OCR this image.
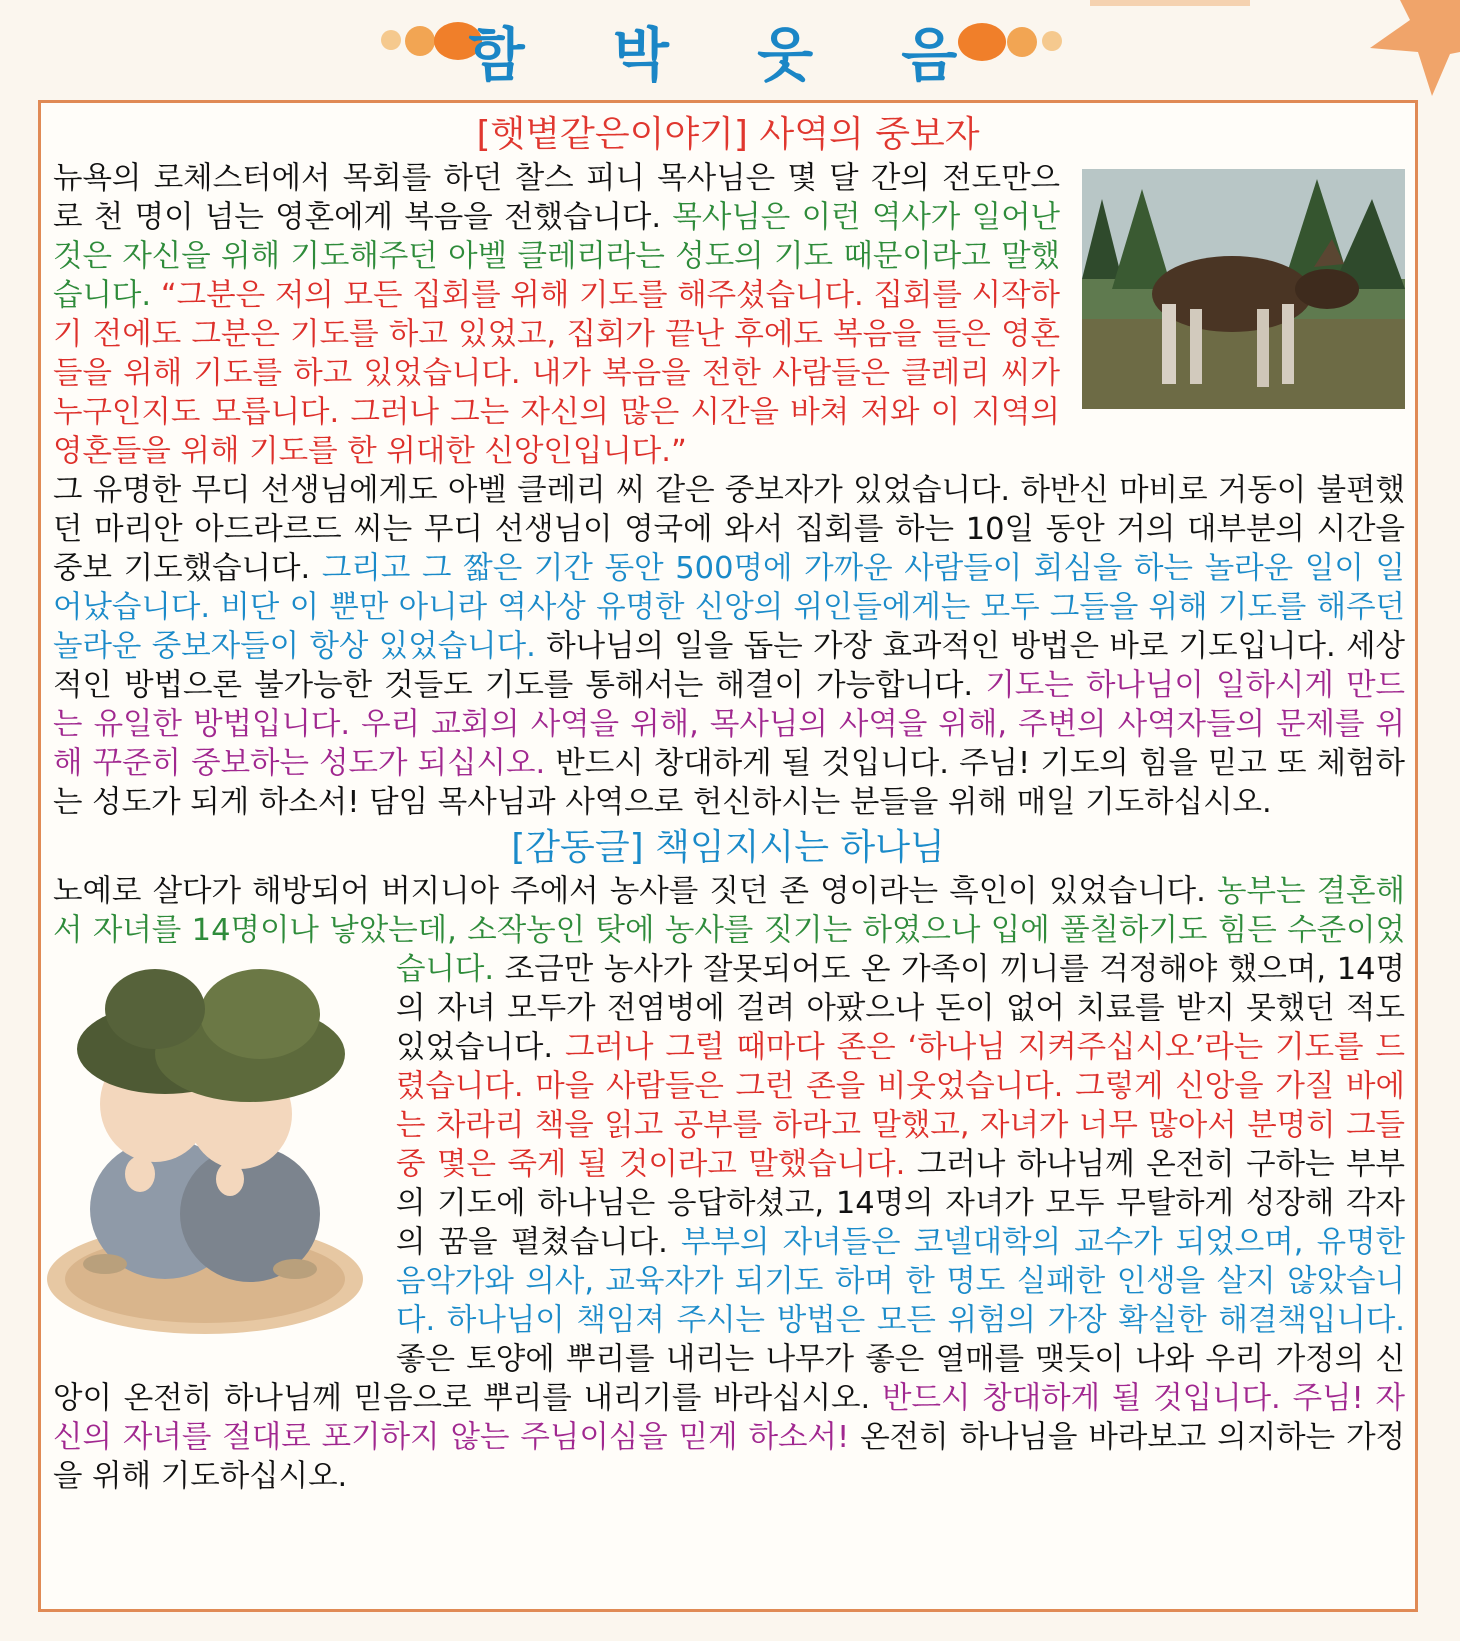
함 박 웃 음
[햇볕같은이야기] 사역의 중보자

뉴욕의 로체스터에서 목회를 하던 찰스 피니 목사님은 몇 달 간의 전도만으로 천 명이 넘는 영혼에게 복음을 전했습니다. 목사님은 이런 역사가 일어난 것은 자신을 위해 기도해주던 아벨 클레리라는 성도의 기도 때문이라고 말했습니다. “그분은 저의 모든 집회를 위해 기도를 해주셨습니다. 집회를 시작하기 전에도 그분은 기도를 하고 있었고, 집회가 끝난 후에도 복음을 들은 영혼들을 위해 기도를 하고 있었습니다. 내가 복음을 전한 사람들은 클레리 씨가 누구인지도 모릅니다. 그러나 그는 자신의 많은 시간을 바쳐 저와 이 지역의 영혼들을 위해 기도를 한 위대한 신앙인입니다.”

그 유명한 무디 선생님에게도 아벨 클레리 씨 같은 중보자가 있었습니다. 하반신 마비로 거동이 불편했던 마리안 아드라르드 씨는 무디 선생님이 영국에 와서 집회를 하는 10일 동안 거의 대부분의 시간을 중보 기도했습니다. 그리고 그 짧은 기간 동안 500명에 가까운 사람들이 회심을 하는 놀라운 일이 일어났습니다. 비단 이 뿐만 아니라 역사상 유명한 신앙의 위인들에게는 모두 그들을 위해 기도를 해주던 놀라운 중보자들이 항상 있었습니다. 하나님의 일을 돕는 가장 효과적인 방법은 바로 기도입니다. 세상적인 방법으론 불가능한 것들도 기도를 통해서는 해결이 가능합니다. 기도는 하나님이 일하시게 만드는 유일한 방법입니다. 우리 교회의 사역을 위해, 목사님의 사역을 위해, 주변의 사역자들의 문제를 위해 꾸준히 중보하는 성도가 되십시오. 반드시 창대하게 될 것입니다. 주님! 기도의 힘을 믿고 또 체험하는 성도가 되게 하소서! 담임 목사님과 사역으로 헌신하시는 분들을 위해 매일 기도하십시오.

[감동글] 책임지시는 하나님

노예로 살다가 해방되어 버지니아 주에서 농사를 짓던 존 영이라는 흑인이 있었습니다. 농부는 결혼해서 자녀를 14명이나 낳았는데, 소작농인 탓에 농사를 짓기는 하였으나 입에 풀칠하기도 힘든 수준이었습니다.
조금만 농사가 잘못되어도 온 가족이 끼니를 걱정해야 했으며, 14명의 자녀 모두가 전염병에 걸려 아팠으나 돈이 없어 치료를 받지 못했던 적도 있었습니다. 그러나 그럴 때마다 존은 ‘하나님 지켜주십시오’라는 기도를 드렸습니다. 마을 사람들은 그런 존을 비웃었습니다. 그렇게 신앙을 가질 바에는 차라리 책을 읽고 공부를 하라고 말했고, 자녀가 너무 많아서 분명히 그들 중 몇은 죽게 될 것이라고 말했습니다. 그러나 하나님께 온전히 구하는 부부의 기도에 하나님은 응답하셨고, 14명의 자녀가 모두 무탈하게 성장해 각자의 꿈을 펼쳤습니다. 부부의 자녀들은 코넬대학의 교수가 되었으며, 유명한 음악가와 의사, 교육자가 되기도 하며 한 명도 실패한 인생을 살지 않았습니다. 하나님이 책임져 주시는 방법은 모든 위험의 가장 확실한 해결책입니다. 좋은 토양에 뿌리를 내리는 나무가 좋은 열매를 맺듯이 나와 우리 가정의 신앙이 온전히 하나님께 믿음으로 뿌리를 내리기를 바라십시오. 반드시 창대하게 될 것입니다. 주님! 자신의 자녀를 절대로 포기하지 않는 주님이심을 믿게 하소서! 온전히 하나님을 바라보고 의지하는 가정을 위해 기도하십시오.
